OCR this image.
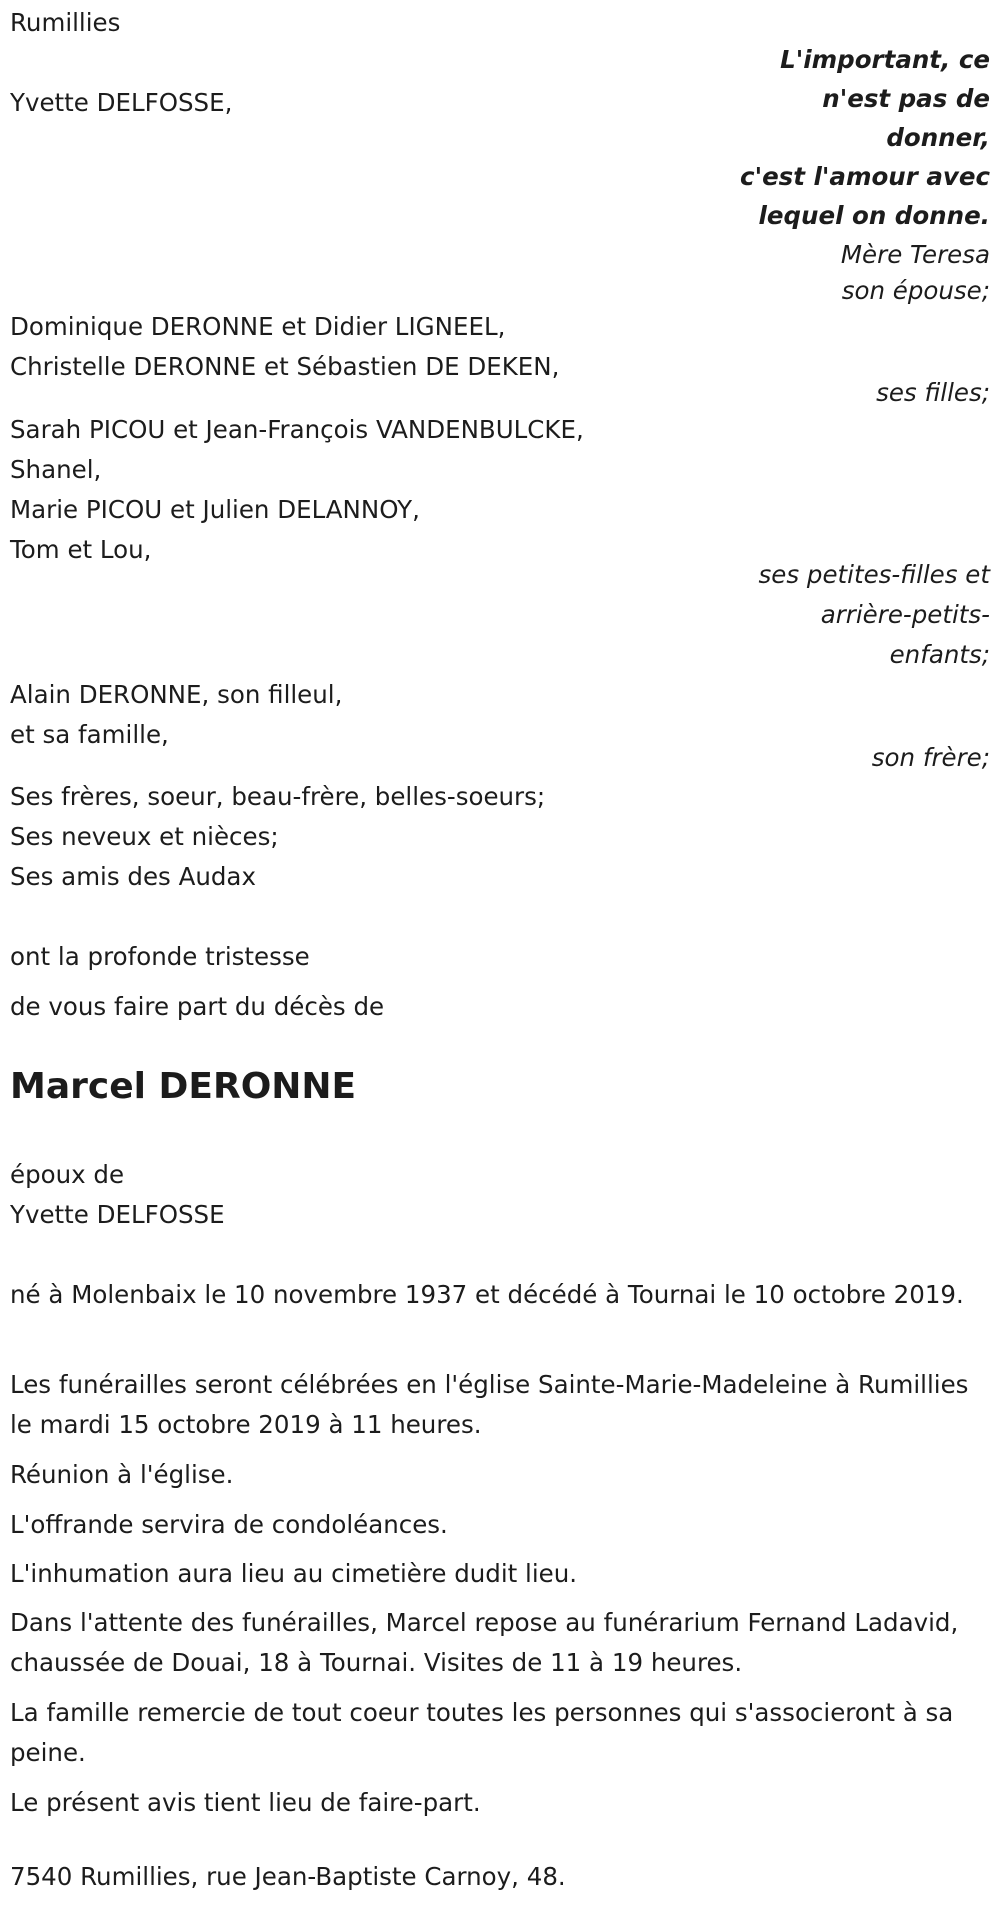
Rumillies
L'important, ce
n'est pas de
donner,
c'est l'amour avec
lequel on donne.
Mère Teresa
Yvette DELFOSSE,
son épouse;
Dominique DERONNE et Didier LIGNEEL,
Christelle DERONNE et Sébastien DE DEKEN,
ses filles;
Sarah PICOU et Jean-François VANDENBULCKE,
Shanel,
Marie PICOU et Julien DELANNOY,
Tom et Lou,
ses petites-filles et
arrière-petits-
enfants;
Alain DERONNE, son filleul,
et sa famille,
son frère;
Ses frères, soeur, beau-frère, belles-soeurs;
Ses neveux et nièces;
Ses amis des Audax
ont la profonde tristesse
de vous faire part du décès de
Marcel DERONNE
époux de
Yvette DELFOSSE
né à Molenbaix le 10 novembre 1937 et décédé à Tournai le 10 octobre 2019.
Les funérailles seront célébrées en l'église Sainte-Marie-Madeleine à Rumillies le mardi 15 octobre 2019 à 11 heures.
Réunion à l'église.
L'offrande servira de condoléances.
L'inhumation aura lieu au cimetière dudit lieu.
Dans l'attente des funérailles, Marcel repose au funérarium Fernand Ladavid, chaussée de Douai, 18 à Tournai. Visites de 11 à 19 heures.
La famille remercie de tout coeur toutes les personnes qui s'associeront à sa peine.
Le présent avis tient lieu de faire-part.
7540 Rumillies, rue Jean-Baptiste Carnoy, 48.
